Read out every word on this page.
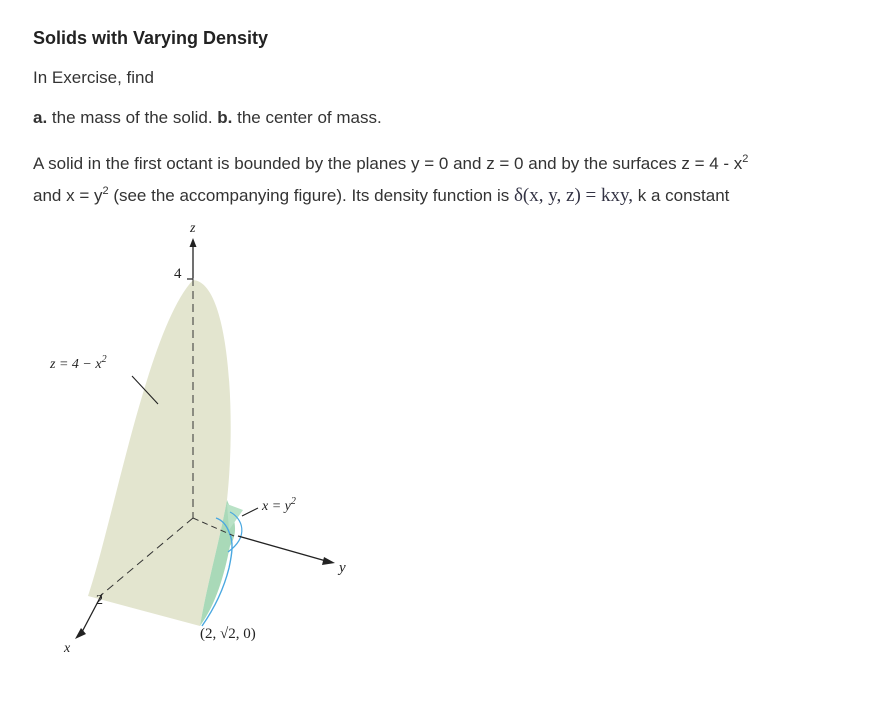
Solids with Varying Density

In Exercise, find

a. the mass of the solid. b. the center of mass.

A solid in the first octant is bounded by the planes y = 0 and z = 0 and by the surfaces $z = 4 - x^2$
and $x = y^2$ (see the accompanying figure). Its density function is δ(x, y, z) = kxy, k a constant

z
4
$z = 4 - x^2$
$x = y^2$
y
2
x
(2, √2, 0)
